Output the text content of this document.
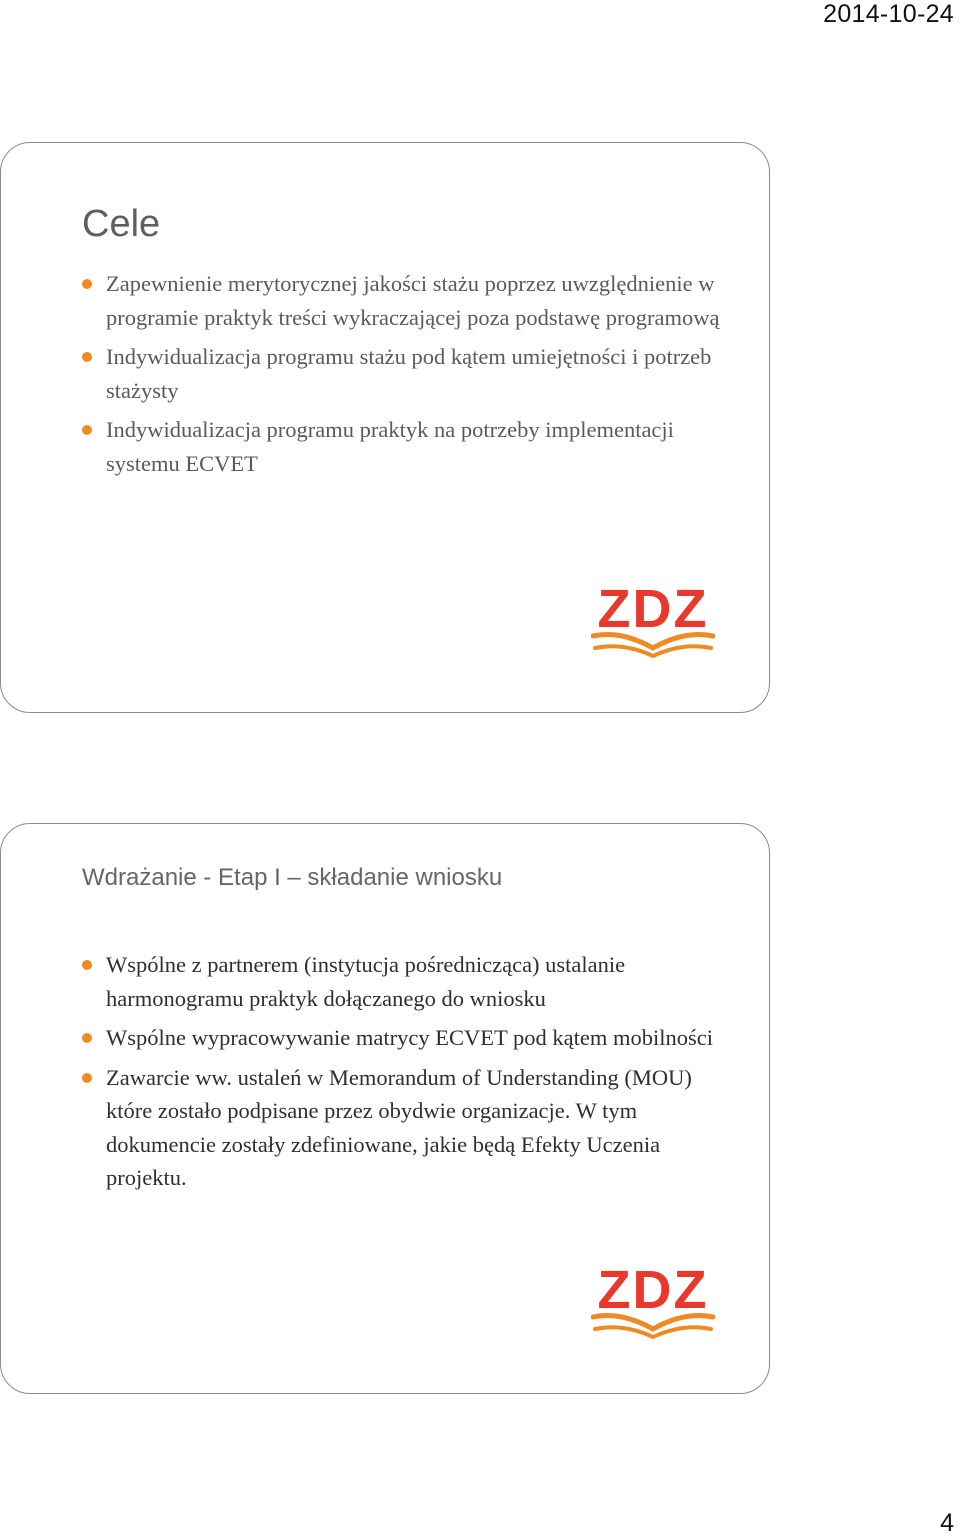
2014-10-24
Cele
Zapewnienie merytorycznej jakości stażu poprzez uwzględnienie w programie praktyk treści wykraczającej poza podstawę programową
Indywidualizacja programu stażu pod kątem umiejętności i potrzeb stażysty
Indywidualizacja programu praktyk na potrzeby implementacji systemu ECVET
ZDZ
Wdrażanie - Etap I – składanie wniosku
Wspólne z partnerem (instytucja pośrednicząca) ustalanie harmonogramu praktyk dołączanego do wniosku
Wspólne wypracowywanie matrycy ECVET pod kątem mobilności
Zawarcie ww. ustaleń w Memorandum of Understanding (MOU) które zostało podpisane przez obydwie organizacje. W tym dokumencie zostały zdefiniowane, jakie będą Efekty Uczenia projektu.
ZDZ
4
